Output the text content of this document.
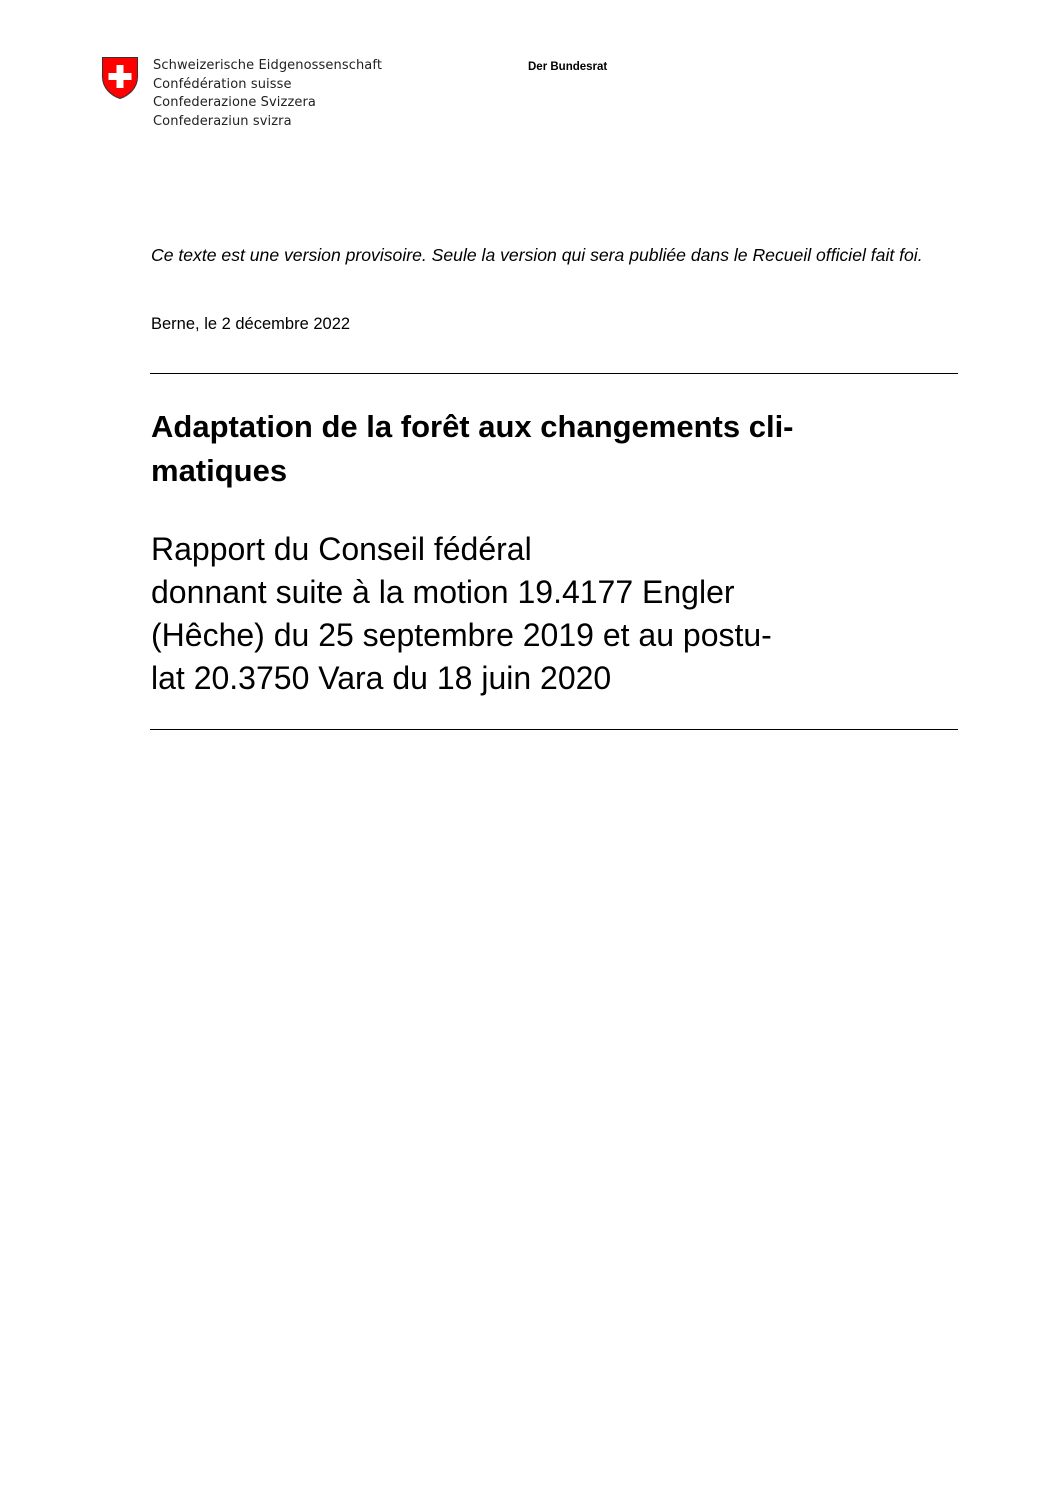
Schweizerische Eidgenossenschaft
Confédération suisse
Confederazione Svizzera
Confederaziun svizra
Der Bundesrat
Ce texte est une version provisoire. Seule la version qui sera publiée dans le Recueil officiel fait foi.
Berne, le 2 décembre 2022
Adaptation de la forêt aux changements cli-
matiques
Rapport du Conseil fédéral
donnant suite à la motion 19.4177 Engler
(Hêche) du 25 septembre 2019 et au postu-
lat 20.3750 Vara du 18 juin 2020
